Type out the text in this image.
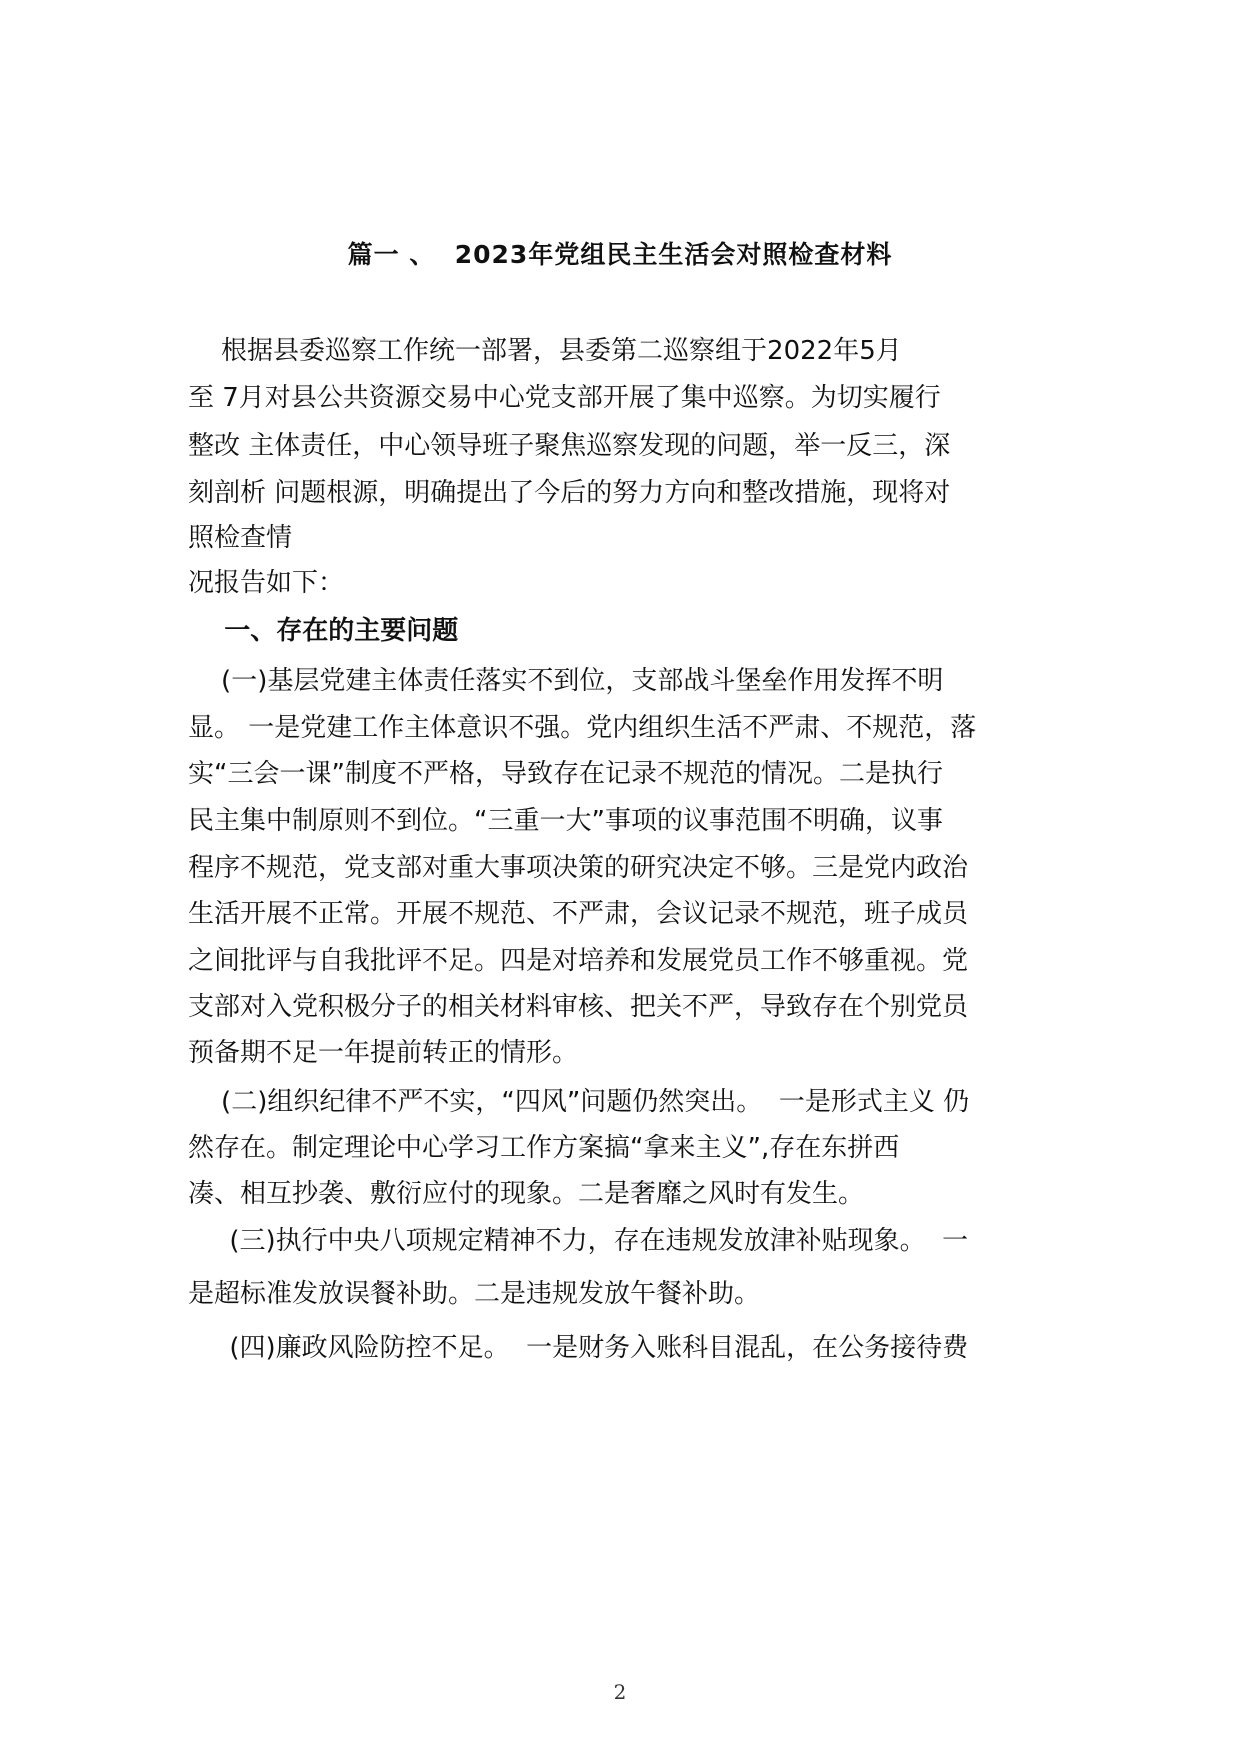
篇一 、  2023年党组民主生活会对照检查材料
根据县委巡察工作统一部署，县委第二巡察组于2022年5月
至 7月对县公共资源交易中心党支部开展了集中巡察。为切实履行
整改 主体责任，中心领导班子聚焦巡察发现的问题，举一反三，深
刻剖析 问题根源，明确提出了今后的努力方向和整改措施，现将对
照检查情
况报告如下：
一、存在的主要问题
(一)基层党建主体责任落实不到位，支部战斗堡垒作用发挥不明
显。 一是党建工作主体意识不强。党内组织生活不严肃、不规范，落
实“三会一课”制度不严格，导致存在记录不规范的情况。二是执行
民主集中制原则不到位。“三重一大”事项的议事范围不明确，议事
程序不规范，党支部对重大事项决策的研究决定不够。三是党内政治
生活开展不正常。开展不规范、不严肃，会议记录不规范，班子成员
之间批评与自我批评不足。四是对培养和发展党员工作不够重视。党
支部对入党积极分子的相关材料审核、把关不严，导致存在个别党员
预备期不足一年提前转正的情形。
(二)组织纪律不严不实，“四风”问题仍然突出。  一是形式主义 仍
然存在。制定理论中心学习工作方案搞“拿来主义”,存在东拼西
凑、相互抄袭、敷衍应付的现象。二是奢靡之风时有发生。
(三)执行中央八项规定精神不力，存在违规发放津补贴现象。  一
是超标准发放误餐补助。二是违规发放午餐补助。
(四)廉政风险防控不足。  一是财务入账科目混乱，在公务接待费
2
